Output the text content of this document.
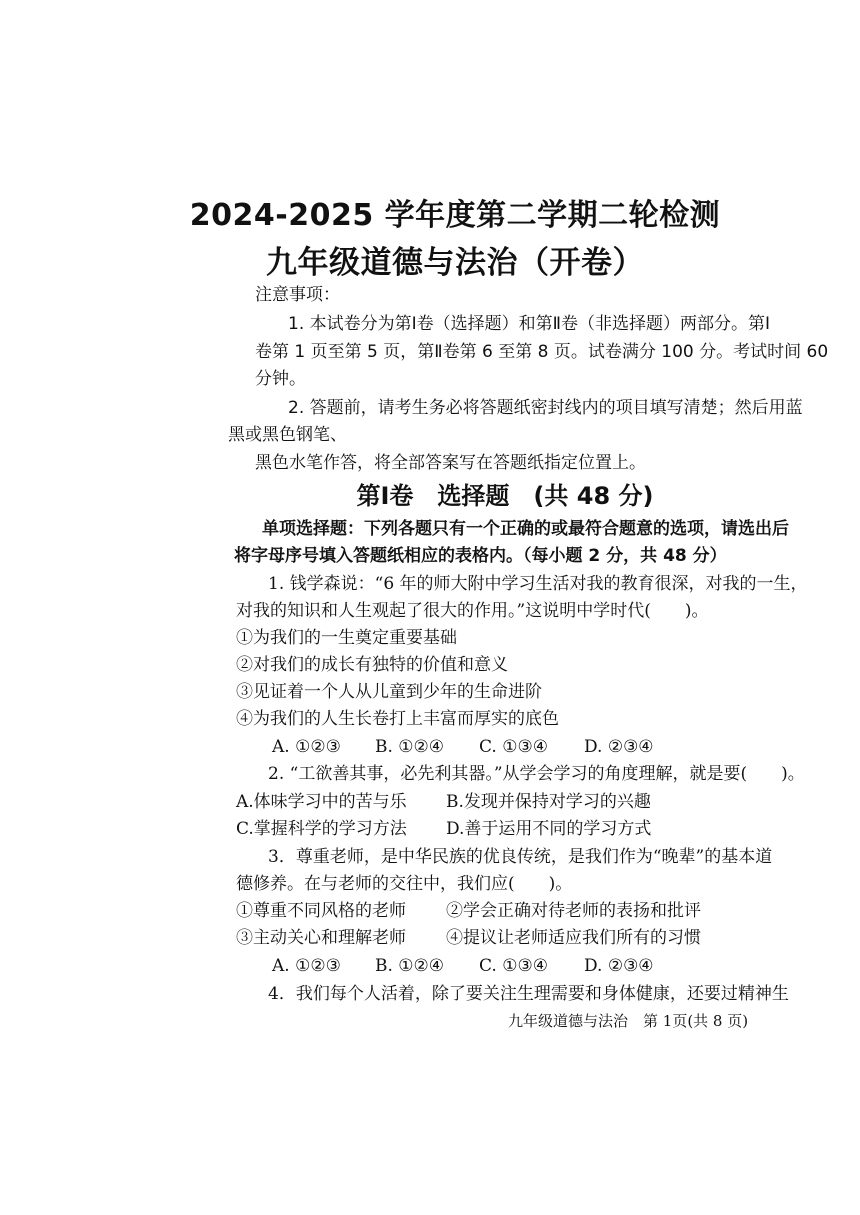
2024-2025 学年度第二学期二轮检测
九年级道德与法治（开卷）
注意事项：
1. 本试卷分为第Ⅰ卷（选择题）和第Ⅱ卷（非选择题）两部分。第Ⅰ
卷第 1 页至第 5 页，第Ⅱ卷第 6 至第 8 页。试卷满分 100 分。考试时间 60
分钟。
2. 答题前，请考生务必将答题纸密封线内的项目填写清楚；然后用蓝
黑或黑色钢笔、
黑色水笔作答，将全部答案写在答题纸指定位置上。
第Ⅰ卷　选择题　(共 48 分)
单项选择题：下列各题只有一个正确的或最符合题意的选项，请选出后
将字母序号填入答题纸相应的表格内。（每小题 2 分，共 48 分）
1. 钱学森说：“6 年的师大附中学习生活对我的教育很深，对我的一生，
对我的知识和人生观起了很大的作用。”这说明中学时代(　　)。
①为我们的一生奠定重要基础
②对我们的成长有独特的价值和意义
③见证着一个人从儿童到少年的生命进阶
④为我们的人生长卷打上丰富而厚实的底色
A. ①②③ B. ①②④ C. ①③④ D. ②③④
2. “工欲善其事，必先利其器。”从学会学习的角度理解，就是要(　　)。
A.体味学习中的苦与乐 B.发现并保持对学习的兴趣
C.掌握科学的学习方法 D.善于运用不同的学习方式
3．尊重老师，是中华民族的优良传统，是我们作为“晚辈”的基本道
德修养。在与老师的交往中，我们应(　　)。
①尊重不同风格的老师 ②学会正确对待老师的表扬和批评
③主动关心和理解老师 ④提议让老师适应我们所有的习惯
A. ①②③ B. ①②④ C. ①③④ D. ②③④
4．我们每个人活着，除了要关注生理需要和身体健康，还要过精神生
九年级道德与法治　第 1页(共 8 页)
